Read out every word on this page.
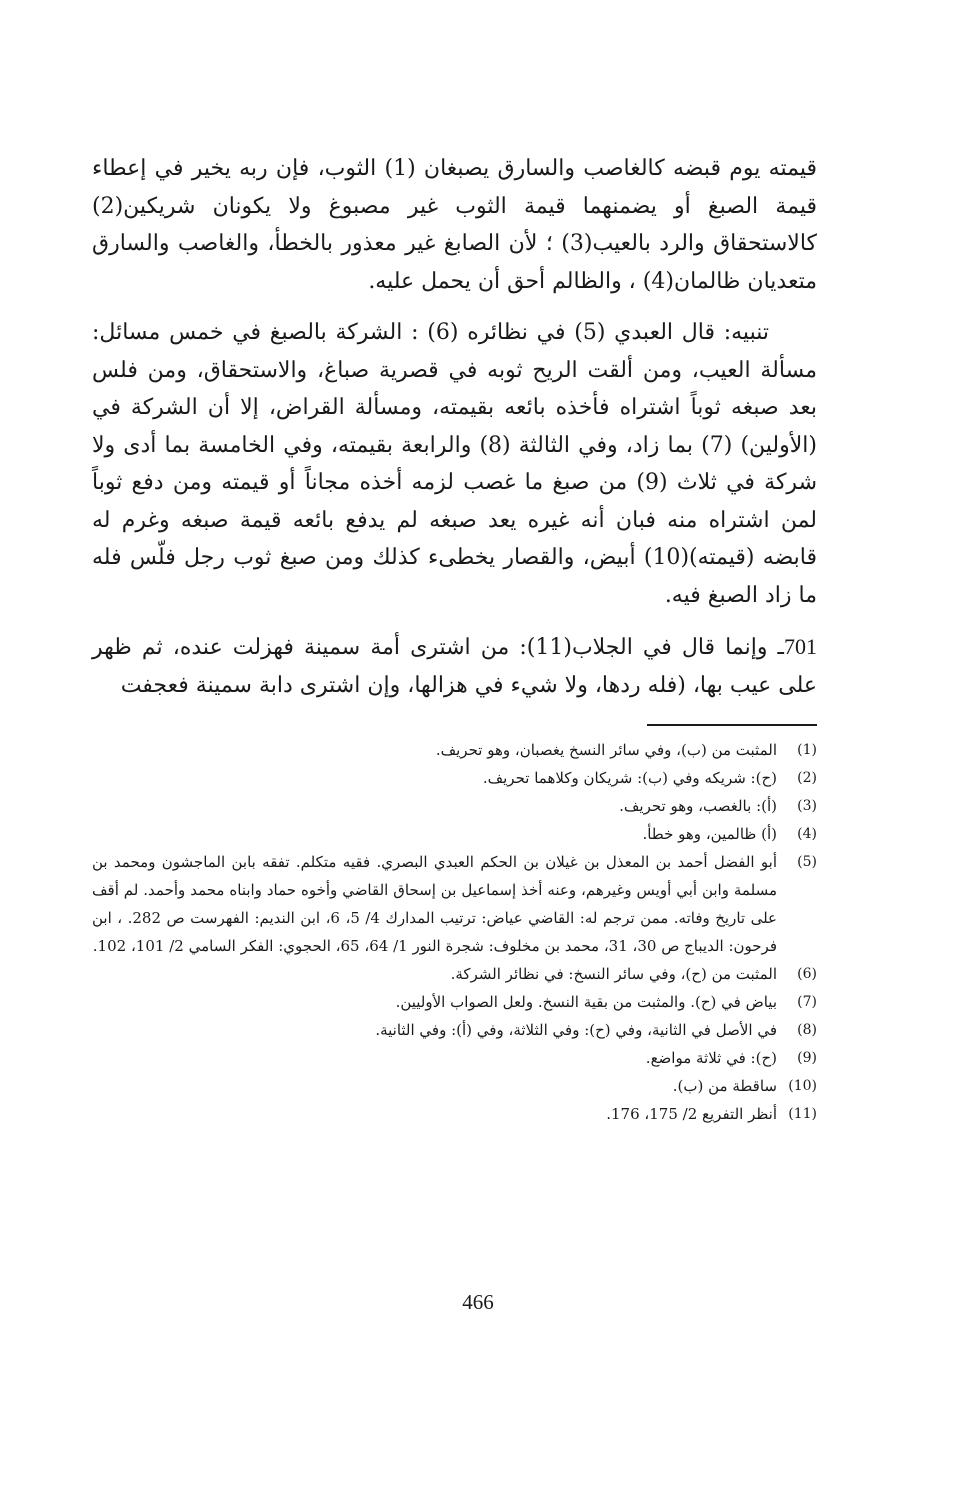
قيمته يوم قبضه كالغاصب والسارق يصبغان (1) الثوب، فإن ربه يخير في إعطاء قيمة الصبغ أو يضمنهما قيمة الثوب غير مصبوغ ولا يكونان شريكين(2) كالاستحقاق والرد بالعيب(3) ؛ لأن الصابغ غير معذور بالخطأ، والغاصب والسارق متعديان ظالمان(4) ، والظالم أحق أن يحمل عليه.

تنبيه: قال العبدي (5) في نظائره (6) : الشركة بالصبغ في خمس مسائل: مسألة العيب، ومن ألقت الريح ثوبه في قصرية صباغ، والاستحقاق، ومن فلس بعد صبغه ثوباً اشتراه فأخذه بائعه بقيمته، ومسألة القراض، إلا أن الشركة في (الأولين) (7) بما زاد، وفي الثالثة (8) والرابعة بقيمته، وفي الخامسة بما أدى ولا شركة في ثلاث (9) من صبغ ما غصب لزمه أخذه مجاناً أو قيمته ومن دفع ثوباً لمن اشتراه منه فبان أنه غيره يعد صبغه لم يدفع بائعه قيمة صبغه وغرم له قابضه (قيمته)(10) أبيض، والقصار يخطىء كذلك ومن صبغ ثوب رجل فلّس فله ما زاد الصبغ فيه.

701ـ وإنما قال في الجلاب(11): من اشترى أمة سمينة فهزلت عنده، ثم ظهر على عيب بها، (فله ردها، ولا شيء في هزالها، وإن اشترى دابة سمينة فعجفت

(1)
المثبت من (ب)، وفي سائر النسخ يغصبان، وهو تحريف.
(2)
(ح): شريكه وفي (ب): شريكان وكلاهما تحريف.
(3)
(أ): بالغصب، وهو تحريف.
(4)
(أ) ظالمين، وهو خطأ.
(5)
أبو الفضل أحمد بن المعذل بن غيلان بن الحكم العبدي البصري. فقيه متكلم. تفقه بابن الماجشون ومحمد بن مسلمة وابن أبي أويس وغيرهم، وعنه أخذ إسماعيل بن إسحاق القاضي وأخوه حماد وابناه محمد وأحمد. لم أقف على تاريخ وفاته. ممن ترجم له: القاضي عياض: ترتيب المدارك 4/ 5، 6، ابن النديم: الفهرست ص 282. ، ابن فرحون: الديباج ص 30، 31، محمد بن مخلوف: شجرة النور 1/ 64، 65، الحجوي: الفكر السامي 2/ 101، 102.
(6)
المثبت من (ح)، وفي سائر النسخ: في نظائر الشركة.
(7)
بياض في (ح). والمثبت من بقية النسخ. ولعل الصواب الأوليين.
(8)
في الأصل في الثانية، وفي (ح): وفي الثلاثة، وفي (أ): وفي الثانية.
(9)
(ح): في ثلاثة مواضع.
(10)
ساقطة من (ب).
(11)
أنظر التفريع 2/ 175، 176.
466
